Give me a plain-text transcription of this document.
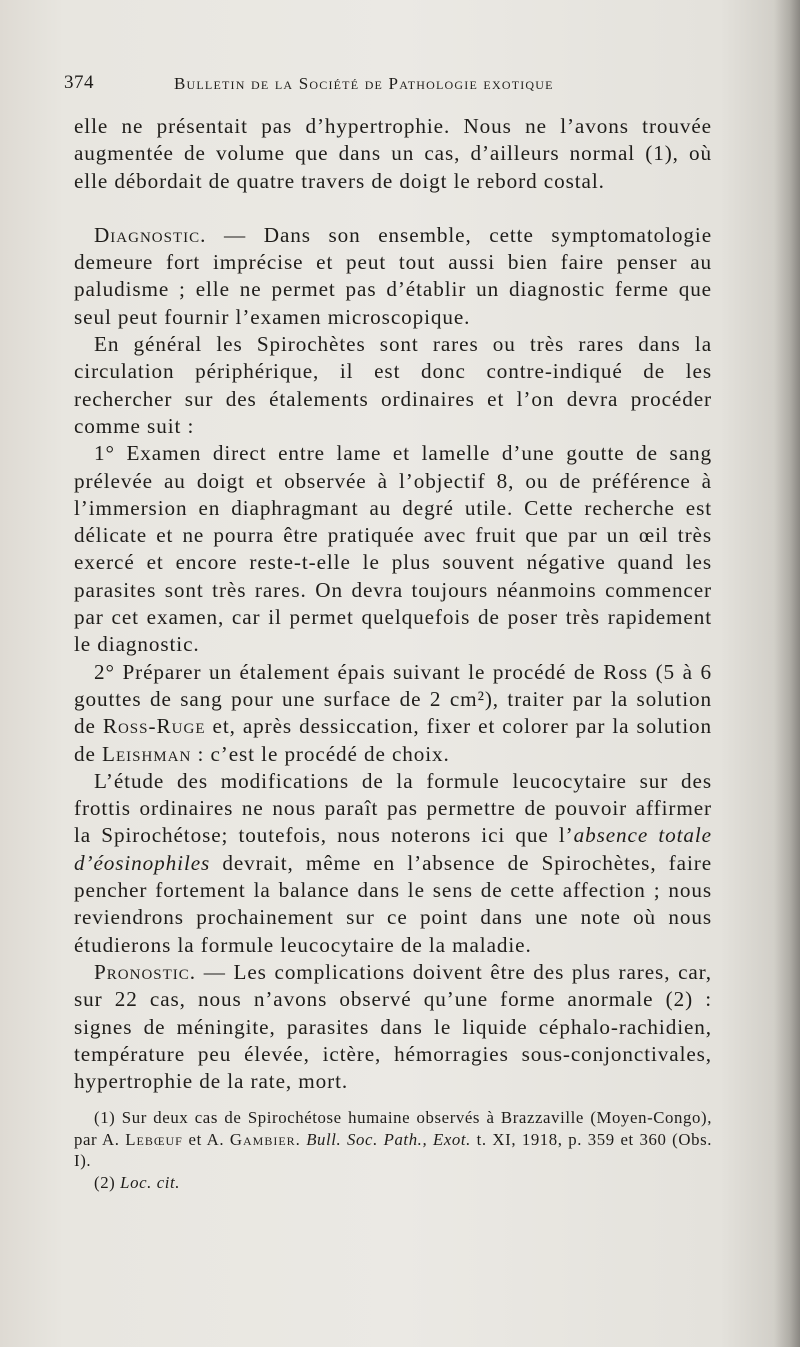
374	Bulletin de la Société de Pathologie exotique

elle ne présentait pas d’hypertrophie. Nous ne l’avons trouvée augmentée de volume que dans un cas, d’ailleurs normal (1), où elle débordait de quatre travers de doigt le rebord costal.

Diagnostic. — Dans son ensemble, cette symptomatologie demeure fort imprécise et peut tout aussi bien faire penser au paludisme ; elle ne permet pas d’établir un diagnostic ferme que seul peut fournir l’examen microscopique.

En général les Spirochètes sont rares ou très rares dans la circulation périphérique, il est donc contre-indiqué de les rechercher sur des étalements ordinaires et l’on devra procéder comme suit :

1° Examen direct entre lame et lamelle d’une goutte de sang prélevée au doigt et observée à l’objectif 8, ou de préférence à l’immersion en diaphragmant au degré utile. Cette recherche est délicate et ne pourra être pratiquée avec fruit que par un œil très exercé et encore reste-t-elle le plus souvent négative quand les parasites sont très rares. On devra toujours néanmoins commencer par cet examen, car il permet quelquefois de poser très rapidement le diagnostic.

2° Préparer un étalement épais suivant le procédé de Ross (5 à 6 gouttes de sang pour une surface de 2 cm²), traiter par la solution de Ross-Ruge et, après dessiccation, fixer et colorer par la solution de Leishman : c’est le procédé de choix.

L’étude des modifications de la formule leucocytaire sur des frottis ordinaires ne nous paraît pas permettre de pouvoir affirmer la Spirochétose; toutefois, nous noterons ici que l’absence totale d’éosinophiles devrait, même en l’absence de Spirochètes, faire pencher fortement la balance dans le sens de cette affection ; nous reviendrons prochainement sur ce point dans une note où nous étudierons la formule leucocytaire de la maladie.

Pronostic. — Les complications doivent être des plus rares, car, sur 22 cas, nous n’avons observé qu’une forme anormale (2) : signes de méningite, parasites dans le liquide céphalo-rachidien, température peu élevée, ictère, hémorragies sous-conjonctivales, hypertrophie de la rate, mort.

(1) Sur deux cas de Spirochétose humaine observés à Brazzaville (Moyen-Congo), par A. Lebœuf et A. Gambier. Bull. Soc. Path., Exot. t. XI, 1918, p. 359 et 360 (Obs. I).

(2) Loc. cit.
